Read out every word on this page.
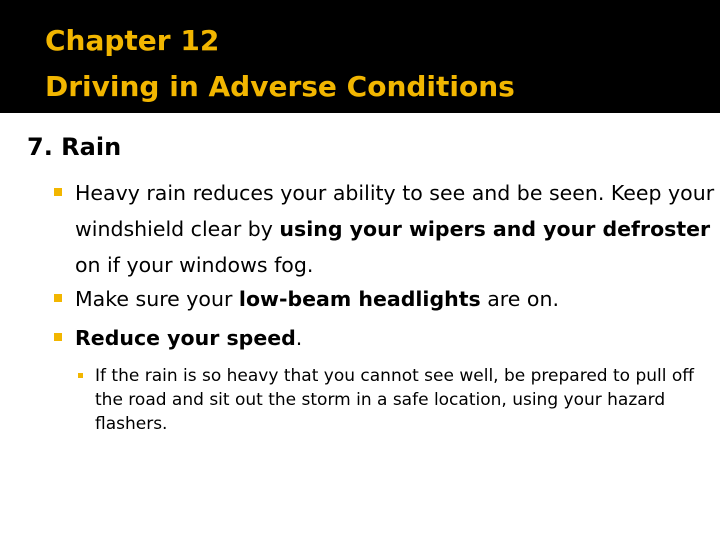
Chapter 12
Driving in Adverse Conditions
7. Rain
Heavy rain reduces your ability to see and be seen. Keep your windshield clear by using your wipers and your defroster on if your windows fog.
Make sure your low-beam headlights are on.
Reduce your speed.
If the rain is so heavy that you cannot see well, be prepared to pull off the road and sit out the storm in a safe location, using your hazard flashers.
